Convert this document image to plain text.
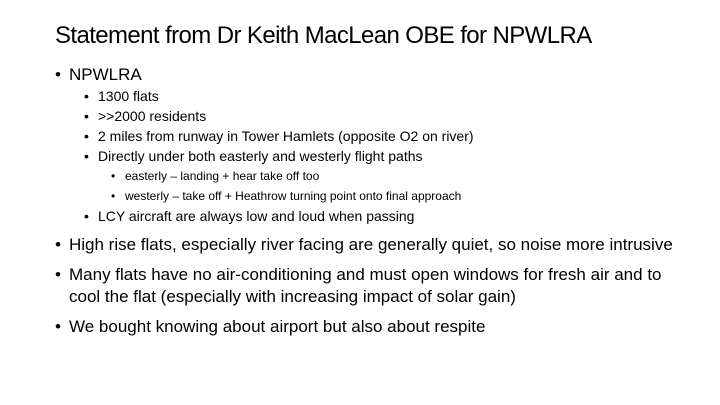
Statement from Dr Keith MacLean OBE for NPWLRA
• NPWLRA
• 1300 flats
• >>2000 residents
• 2 miles from runway in Tower Hamlets (opposite O2 on river)
• Directly under both easterly and westerly flight paths
• easterly – landing + hear take off too
• westerly – take off + Heathrow turning point onto final approach
• LCY aircraft are always low and loud when passing
• High rise flats, especially river facing are generally quiet, so noise more intrusive
• Many flats have no air-conditioning and must open windows for fresh air and to cool the flat (especially with increasing impact of solar gain)
• We bought knowing about airport but also about respite
